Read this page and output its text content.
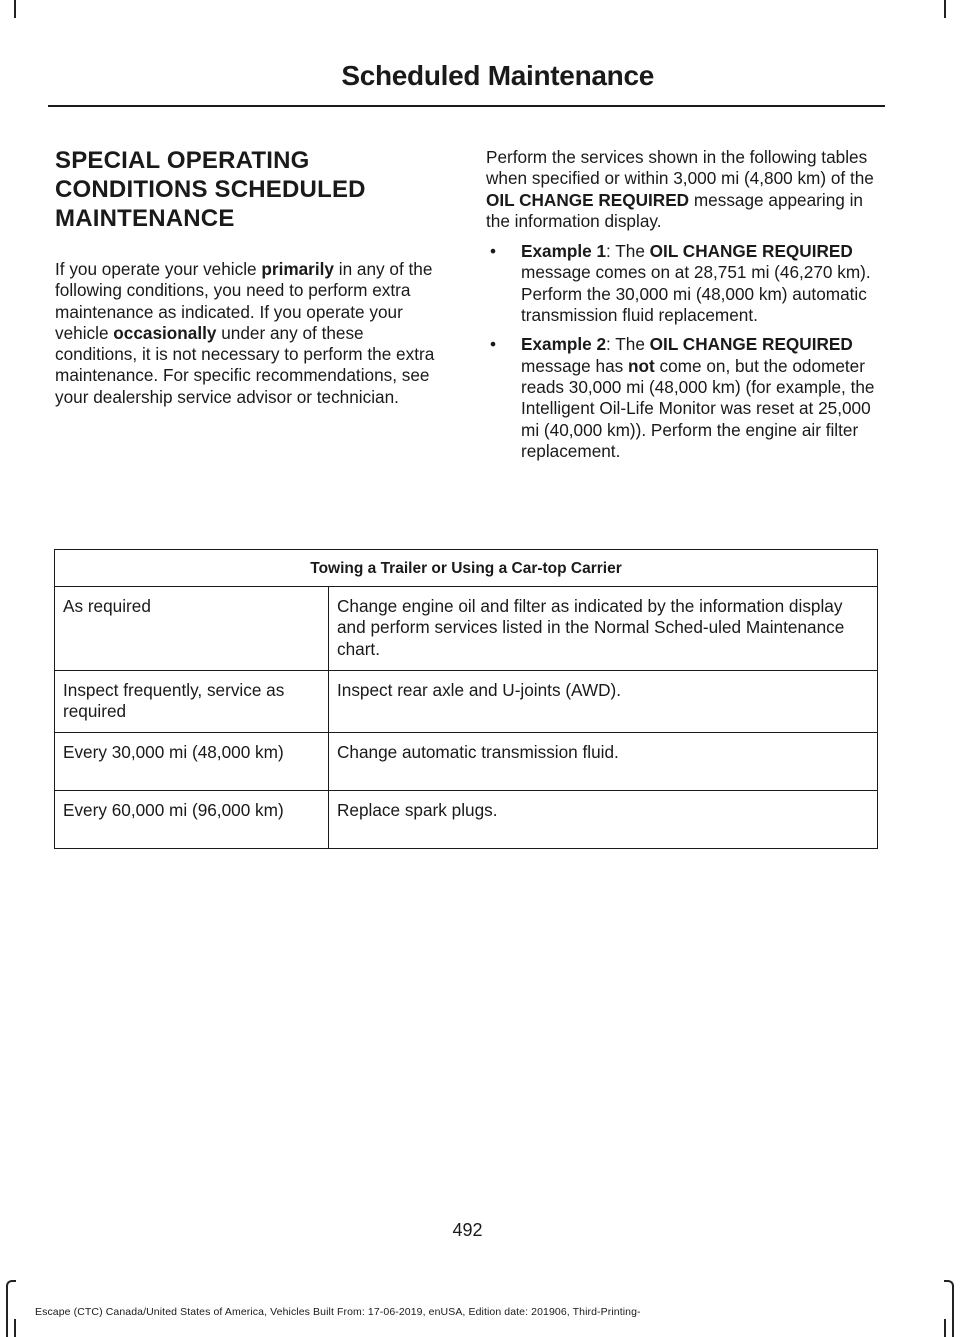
Scheduled Maintenance
SPECIAL OPERATING
CONDITIONS SCHEDULED
MAINTENANCE

If you operate your vehicle primarily in any of the following conditions, you need to perform extra maintenance as indicated. If you operate your vehicle occasionally under any of these conditions, it is not necessary to perform the extra maintenance. For specific recommendations, see your dealership service advisor or technician.

Perform the services shown in the following tables when specified or within 3,000 mi (4,800 km) of the OIL CHANGE REQUIRED message appearing in the information display.

• Example 1: The OIL CHANGE REQUIRED message comes on at 28,751 mi (46,270 km). Perform the 30,000 mi (48,000 km) automatic transmission fluid replacement.
• Example 2: The OIL CHANGE REQUIRED message has not come on, but the odometer reads 30,000 mi (48,000 km) (for example, the Intelligent Oil-Life Monitor was reset at 25,000 mi (40,000 km)). Perform the engine air filter replacement.
Towing a Trailer or Using a Car-top Carrier	
As required	Change engine oil and filter as indicated by the information display and perform services listed in the Normal Sched-uled Maintenance chart.
Inspect frequently, service as required	Inspect rear axle and U-joints (AWD).
Every 30,000 mi (48,000 km)	Change automatic transmission fluid.
Every 60,000 mi (96,000 km)	Replace spark plugs.
492
Escape (CTC) Canada/United States of America, Vehicles Built From: 17-06-2019, enUSA, Edition date: 201906, Third-Printing-
